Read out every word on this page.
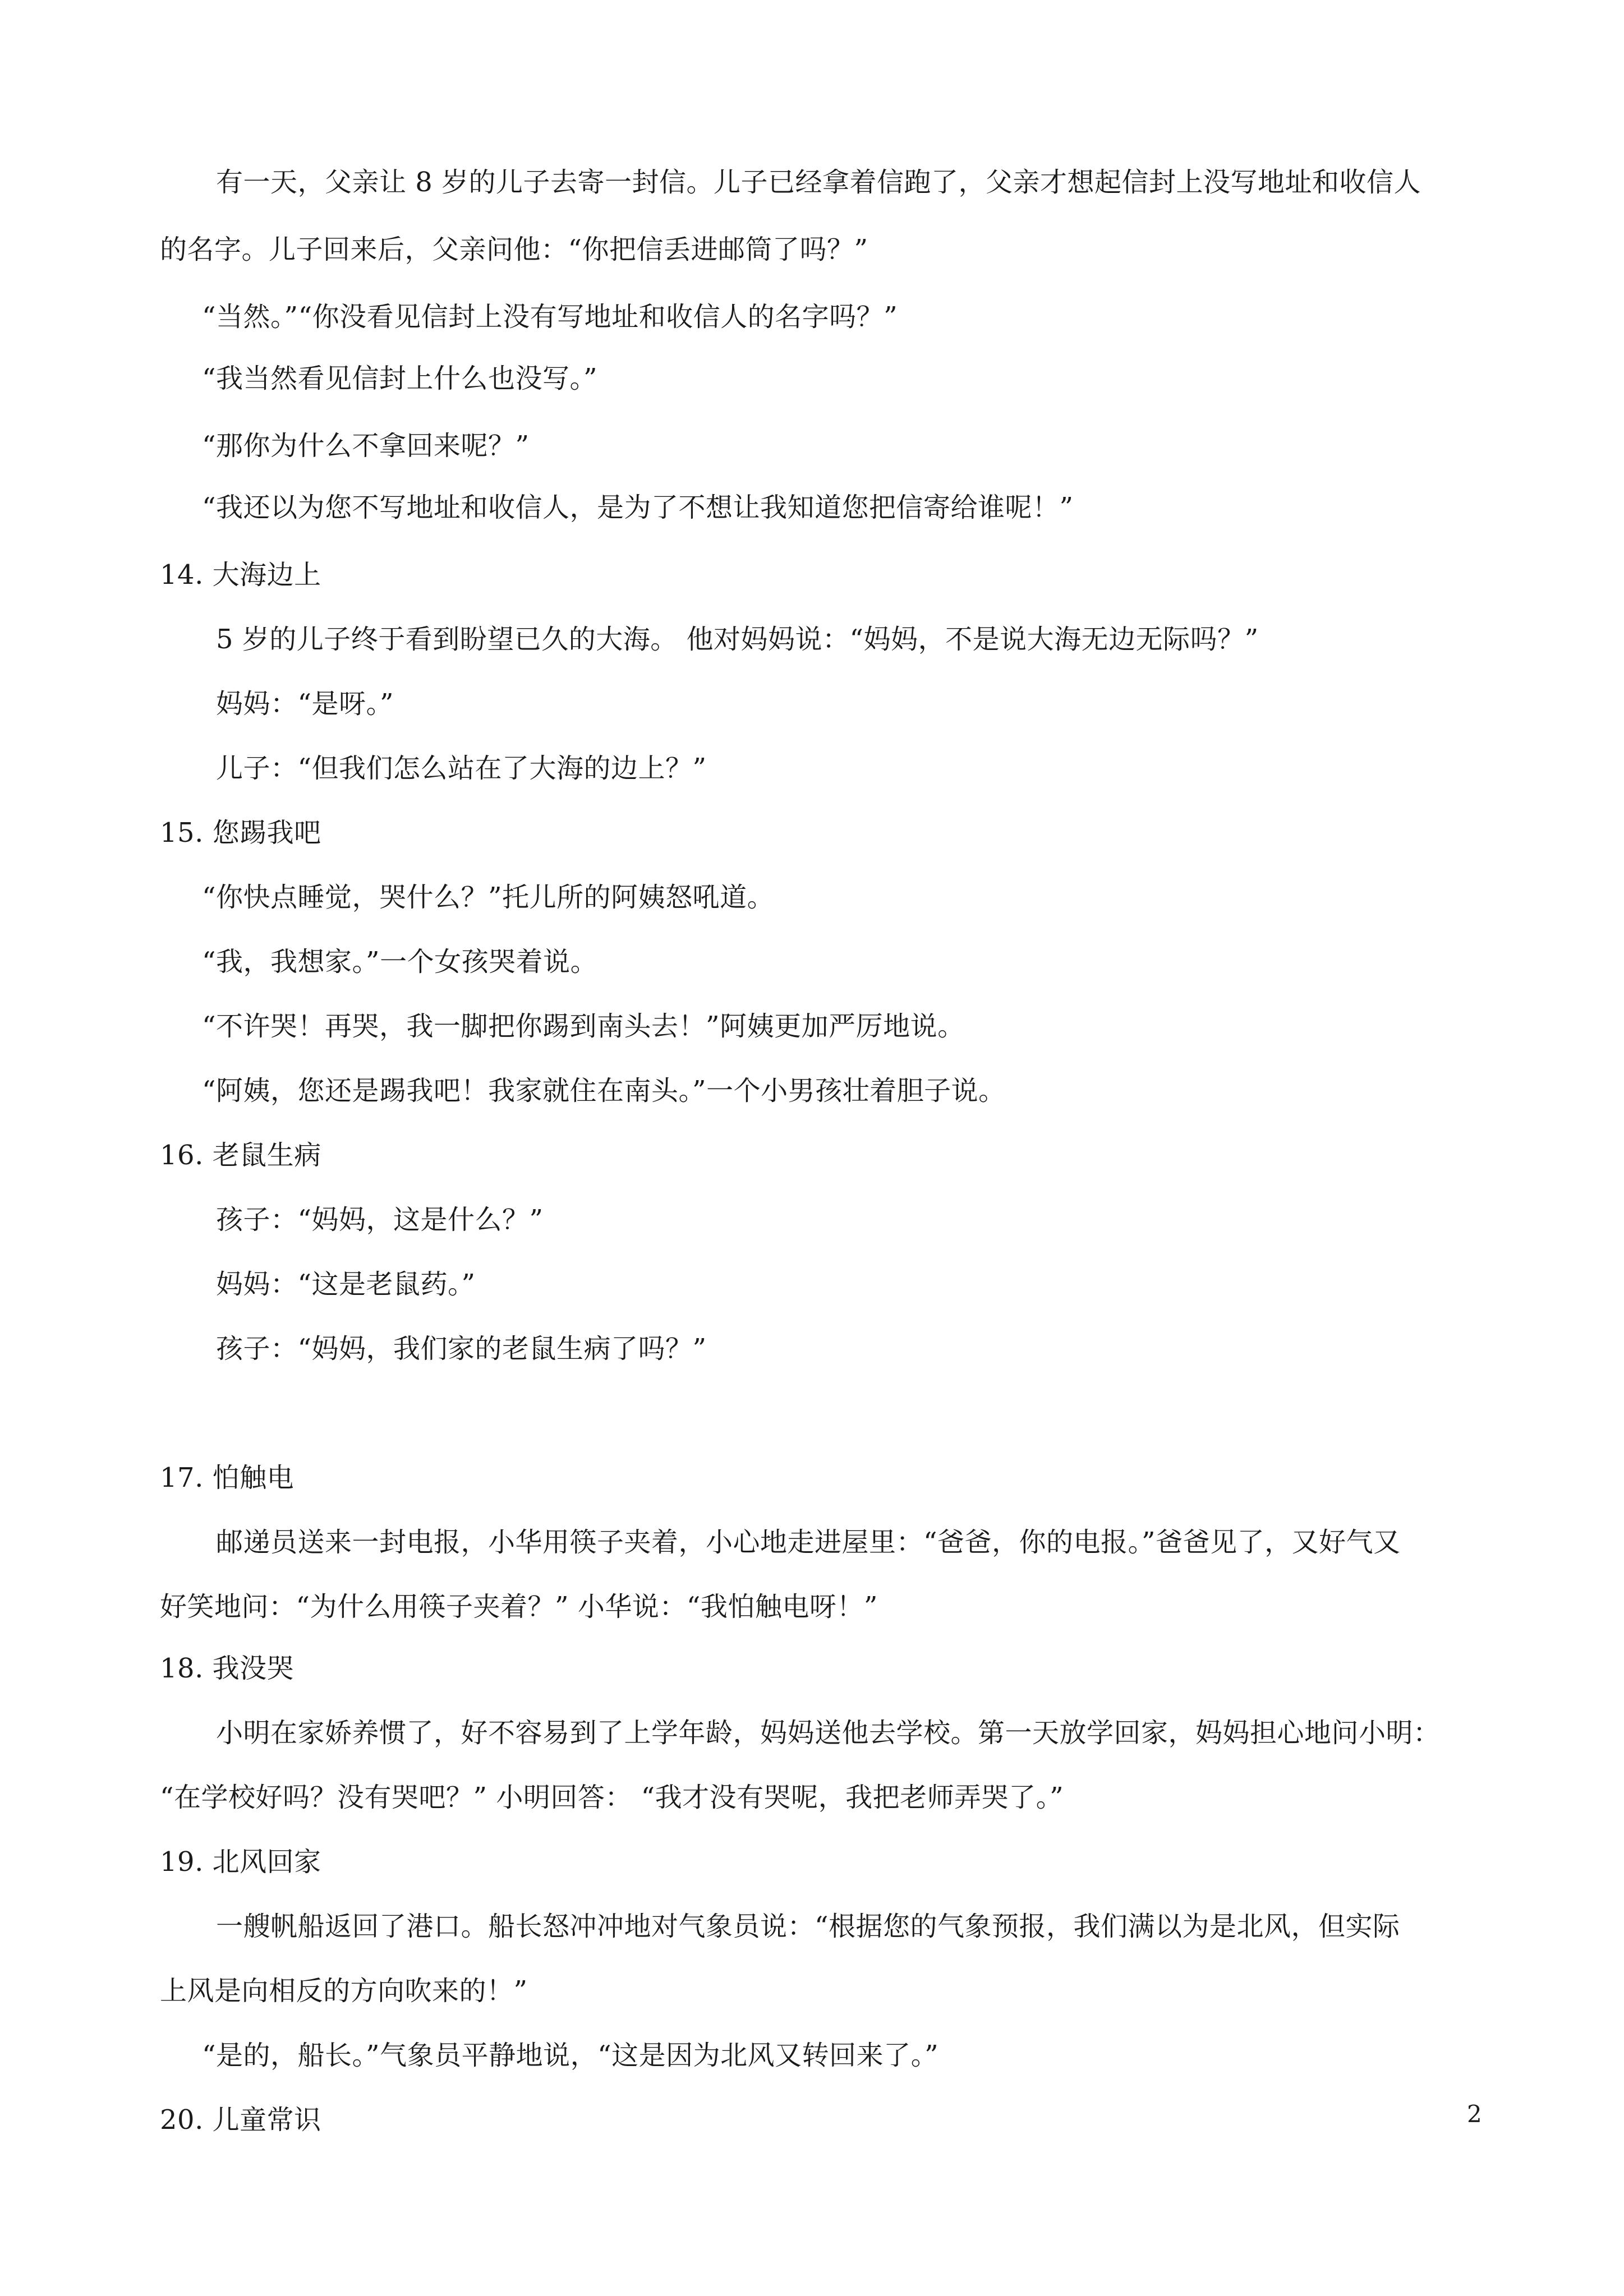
有一天，父亲让 8 岁的儿子去寄一封信。儿子已经拿着信跑了，父亲才想起信封上没写地址和收信人
的名字。儿子回来后，父亲问他：“你把信丢进邮筒了吗？”
“当然。”“你没看见信封上没有写地址和收信人的名字吗？”
“我当然看见信封上什么也没写。”
“那你为什么不拿回来呢？”
“我还以为您不写地址和收信人，是为了不想让我知道您把信寄给谁呢！”
14. 大海边上
5 岁的儿子终于看到盼望已久的大海。 他对妈妈说：“妈妈，不是说大海无边无际吗？”
妈妈：“是呀。”
儿子：“但我们怎么站在了大海的边上？”
15. 您踢我吧
“你快点睡觉，哭什么？”托儿所的阿姨怒吼道。
“我，我想家。”一个女孩哭着说。
“不许哭！再哭，我一脚把你踢到南头去！”阿姨更加严厉地说。
“阿姨，您还是踢我吧！我家就住在南头。”一个小男孩壮着胆子说。
16. 老鼠生病
孩子：“妈妈，这是什么？”
妈妈：“这是老鼠药。”
孩子：“妈妈，我们家的老鼠生病了吗？”
17. 怕触电
邮递员送来一封电报，小华用筷子夹着，小心地走进屋里：“爸爸，你的电报。”爸爸见了，又好气又
好笑地问：“为什么用筷子夹着？” 小华说：“我怕触电呀！”
18. 我没哭
小明在家娇养惯了，好不容易到了上学年龄，妈妈送他去学校。第一天放学回家，妈妈担心地问小明：
“在学校好吗？没有哭吧？” 小明回答： “我才没有哭呢，我把老师弄哭了。”
19. 北风回家
一艘帆船返回了港口。船长怒冲冲地对气象员说：“根据您的气象预报，我们满以为是北风，但实际
上风是向相反的方向吹来的！”
“是的，船长。”气象员平静地说，“这是因为北风又转回来了。”
20. 儿童常识	2
